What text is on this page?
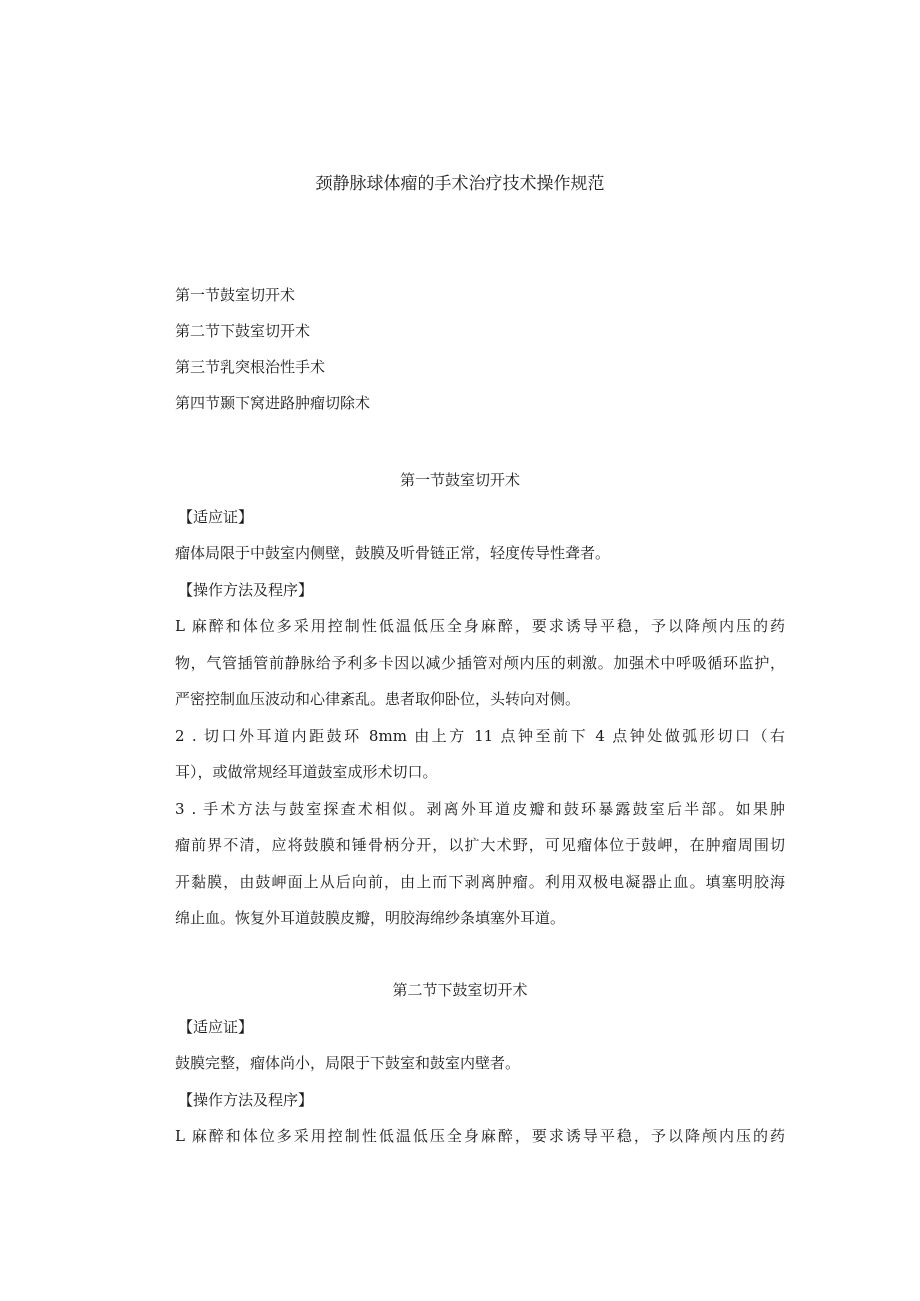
颈静脉球体瘤的手术治疗技术操作规范
第一节鼓室切开术
第二节下鼓室切开术
第三节乳突根治性手术
第四节颞下窝进路肿瘤切除术
第一节鼓室切开术
【适应证】
瘤体局限于中鼓室内侧壁，鼓膜及听骨链正常，轻度传导性聋者。
【操作方法及程序】
L 麻醉和体位多采用控制性低温低压全身麻醉，要求诱导平稳，予以降颅内压的药
物，气管插管前静脉给予利多卡因以减少插管对颅内压的刺激。加强术中呼吸循环监护，
严密控制血压波动和心律紊乱。患者取仰卧位，头转向对侧。
2 . 切口外耳道内距鼓环 8mm 由上方 11 点钟至前下 4 点钟处做弧形切口（右
耳），或做常规经耳道鼓室成形术切口。
3 . 手术方法与鼓室探查术相似。剥离外耳道皮瓣和鼓环暴露鼓室后半部。如果肿
瘤前界不清，应将鼓膜和锤骨柄分开，以扩大术野，可见瘤体位于鼓岬，在肿瘤周围切
开黏膜，由鼓岬面上从后向前，由上而下剥离肿瘤。利用双极电凝器止血。填塞明胶海
绵止血。恢复外耳道鼓膜皮瓣，明胶海绵纱条填塞外耳道。
第二节下鼓室切开术
【适应证】
鼓膜完整，瘤体尚小，局限于下鼓室和鼓室内壁者。
【操作方法及程序】
L 麻醉和体位多采用控制性低温低压全身麻醉，要求诱导平稳，予以降颅内压的药
